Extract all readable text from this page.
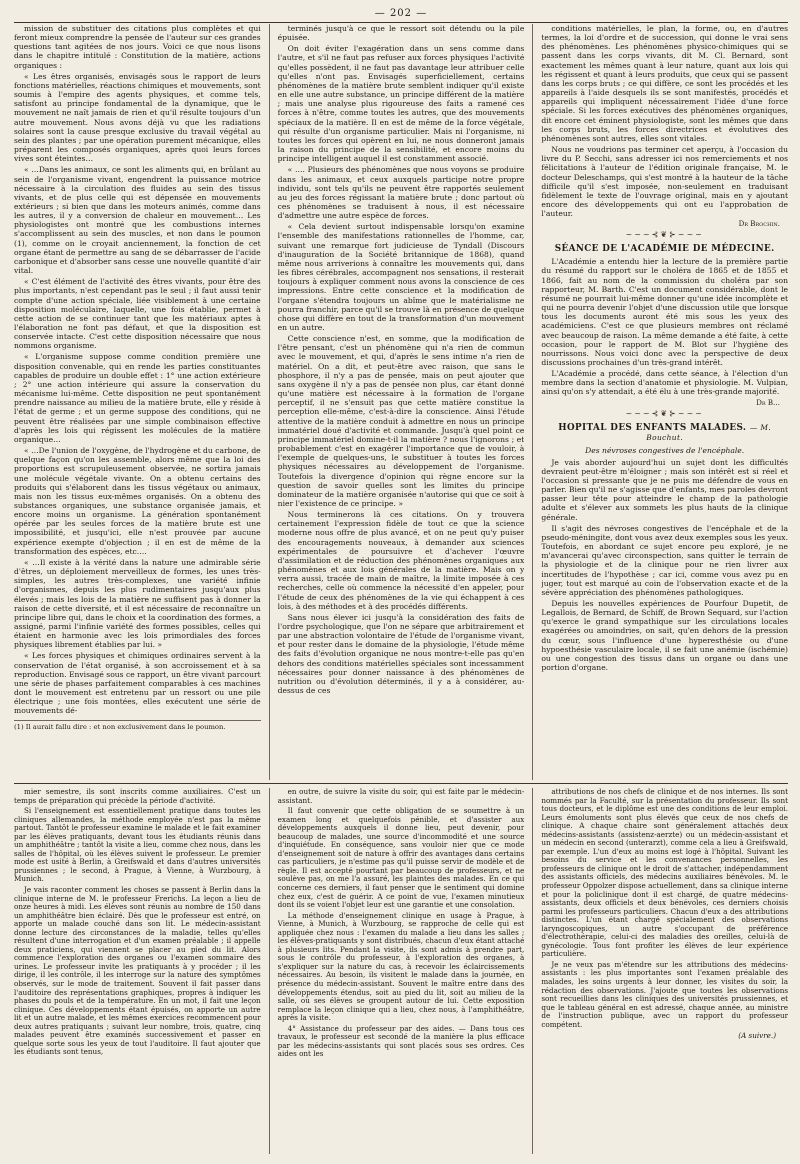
— 202 —

mission de substituer des citations plus complètes et qui feront mieux comprendre la pensée de l'auteur sur ces grandes questions tant agitées de nos jours. Voici ce que nous lisons dans le chapitre intitulé : Constitution de la matière, actions organiques :

« Les êtres organisés, envisagés sous le rapport de leurs fonctions matérielles, réactions chimiques et mouvements, sont soumis à l'empire des agents physiques, et comme tels, satisfont au principe fondamental de la dynamique, que le mouvement ne naît jamais de rien et qu'il résulte toujours d'un autre mouvement. Nous avons déjà vu que les radiations solaires sont la cause presque exclusive du travail végétal au sein des plantes ; par une opération purement mécanique, elles préparent les composés organiques, après quoi leurs forces vives sont éteintes…

« …Dans les animaux, ce sont les aliments qui, en brûlant au sein de l'organisme vivant, engendrent la puissance motrice nécessaire à la circulation des fluides au sein des tissus vivants, et de plus celle qui est dépensée en mouvements extérieurs ; si bien que dans les moteurs animés, comme dans les autres, il y a conversion de chaleur en mouvement… Les physiologistes ont montré que les combustions internes s'accomplissent au sein des muscles, et non dans le poumon (1), comme on le croyait anciennement, la fonction de cet organe étant de permettre au sang de se débarrasser de l'acide carbonique et d'absorber sans cesse une nouvelle quantité d'air vital.

« C'est élément de l'activité des êtres vivants, pour être des plus importants, n'est cependant pas le seul ; il faut aussi tenir compte d'une action spéciale, liée visiblement à une certaine disposition moléculaire, laquelle, une fois établie, permet à cette action de se continuer tant que les matériaux aptes à l'élaboration ne font pas défaut, et que la disposition est conservée intacte. C'est cette disposition nécessaire que nous nommons organisme.

« L'organisme suppose comme condition première une disposition convenable, qui en rende les parties constituantes capables de produire un double effet : 1° une action extérieure ; 2° une action intérieure qui assure la conservation du mécanisme lui-même. Cette disposition ne peut spontanément prendre naissance au milieu de la matière brute, elle y réside à l'état de germe ; et un germe suppose des conditions, qui ne peuvent être réalisées par une simple combinaison effective d'après les lois qui régissent les molécules de la matière organique…

« …De l'union de l'oxygène, de l'hydrogène et du carbone, de quelque façon qu'on les assemble, alors même que la loi des proportions est scrupuleusement observée, ne sortira jamais une molécule végétale vivante. On a obtenu certains des produits qui s'élaborent dans les tissus végétaux ou animaux, mais non les tissus eux-mêmes organisés. On a obtenu des substances organiques, une substance organisée jamais, et encore moins un organisme. La génération spontanément opérée par les seules forces de la matière brute est une impossibilité, et jusqu'ici, elle n'est prouvée par aucune expérience exempte d'objection ; il en est de même de la transformation des espèces, etc.…

« …Il existe à la vérité dans la nature une admirable série d'êtres, un déploiement merveilleux de formes, les unes très-simples, les autres très-complexes, une variété infinie d'organismes, depuis les plus rudimentaires jusqu'aux plus élevés ; mais les lois de la matière ne suffisent pas à donner la raison de cette diversité, et il est nécessaire de reconnaître un principe libre qui, dans le choix et la coordination des formes, a assigné, parmi l'infinie variété des formes possibles, celles qui étaient en harmonie avec les lois primordiales des forces physiques librement établies par lui. »

« Les forces physiques et chimiques ordinaires servent à la conservation de l'état organisé, à son accroissement et à sa reproduction. Envisagé sous ce rapport, un être vivant parcourt une série de phases parfaitement comparables à ces machines dont le mouvement est entretenu par un ressort ou une pile électrique ; une fois montées, elles exécutent une série de mouvements dé-

(1) Il aurait fallu dire : et non exclusivement dans le poumon.

terminés jusqu'à ce que le ressort soit détendu ou la pile épuisée.

On doit éviter l'exagération dans un sens comme dans l'autre, et s'il ne faut pas refuser aux forces physiques l'activité qu'elles possèdent, il ne faut pas davantage leur attribuer celle qu'elles n'ont pas. Envisagés superficiellement, certains phénomènes de la matière brute semblent indiquer qu'il existe en elle une autre substance, un principe différent de la matière ; mais une analyse plus rigoureuse des faits a ramené ces forces à n'être, comme toutes les autres, que des mouvements spéciaux de la matière. Il en est de même de la force végétale, qui résulte d'un organisme particulier. Mais ni l'organisme, ni toutes les forces qui opèrent en lui, ne nous donneront jamais la raison du principe de la sensibilité, et encore moins du principe intelligent auquel il est constamment associé.

« …. Plusieurs des phénomènes que nous voyons se produire dans les animaux, et ceux auxquels participe notre propre individu, sont tels qu'ils ne peuvent être rapportés seulement au jeu des forces régissant la matière brute ; donc partout où ces phénomènes se traduisent à nous, il est nécessaire d'admettre une autre espèce de forces.

« Cela devient surtout indispensable lorsqu'on examine l'ensemble des manifestations rationnelles de l'homme, car, suivant une remarque fort judicieuse de Tyndall (Discours d'inauguration de la Société britannique de 1868), quand même nous arriverions à connaître les mouvements qui, dans les fibres cérébrales, accompagnent nos sensations, il resterait toujours à expliquer comment nous avons la conscience de ces impressions. Entre cette conscience et la modification de l'organe s'étendra toujours un abîme que le matérialisme ne pourra franchir, parce qu'il se trouve là en présence de quelque chose qui diffère en tout de la transformation d'un mouvement en un autre.

Cette conscience n'est, en somme, que la modification de l'être pensant, c'est un phénomène qui n'a rien de commun avec le mouvement, et qui, d'après le sens intime n'a rien de matériel. On a dit, et peut-être avec raison, que sans le phosphore, il n'y a pas de pensée, mais on peut ajouter que sans oxygène il n'y a pas de pensée non plus, car étant donné qu'une matière est nécessaire à la formation de l'organe perceptif, il ne s'ensuit pas que cette matière constitue la perception elle-même, c'est-à-dire la conscience. Ainsi l'étude attentive de la matière conduit à admettre en nous un principe immatériel doué d'activité et commande. Jusqu'à quel point ce principe immatériel domine-t-il la matière ? nous l'ignorons ; et probablement c'est en exagérer l'importance que de vouloir, à l'exemple de quelques-uns, le substituer à toutes les forces physiques nécessaires au développement de l'organisme. Toutefois la divergence d'opinion qui règne encore sur la question de savoir quelles sont les limites du principe dominateur de la matière organisée n'autorise qui que ce soit à nier l'existence de ce principe. »

Nous terminerons là ces citations. On y trouvera certainement l'expression fidèle de tout ce que la science moderne nous offre de plus avancé, et on ne peut qu'y puiser des encouragements nouveaux, à demander aux sciences expérimentales de poursuivre et d'achever l'œuvre d'assimilation et de réduction des phénomènes organiques aux phénomènes et aux lois générales de la matière. Mais on y verra aussi, tracée de main de maître, la limite imposée à ces recherches, celle où commence la nécessité d'en appeler, pour l'étude de ceux des phénomènes de la vie qui échappent à ces lois, à des méthodes et à des procédés différents.

Sans nous élever ici jusqu'à la considération des faits de l'ordre psychologique, que l'on ne sépare que arbitrairement et par une abstraction volontaire de l'étude de l'organisme vivant, et pour rester dans le domaine de la physiologie, l'étude même des faits d'évolution organique ne nous montre-t-elle pas qu'en dehors des conditions matérielles spéciales sont incessamment nécessaires pour donner naissance à des phénomènes de nutrition ou d'évolution déterminés, il y a à considérer, au-dessus de ces

conditions matérielles, le plan, la forme, ou, en d'autres termes, la loi d'ordre et de succession, qui donne le vrai sens des phénomènes. Les phénomènes physico-chimiques qui se passent dans les corps vivants, dit M. Cl. Bernard, sont exactement les mêmes quant à leur nature, quant aux lois qui les régissent et quant à leurs produits, que ceux qui se passent dans les corps bruts ; ce qui diffère, ce sont les procédés et les appareils à l'aide desquels ils se sont manifestés, procédés et appareils qui impliquent nécessairement l'idée d'une force spéciale. Si les forces exécutives des phénomènes organiques, dit encore cet éminent physiologiste, sont les mêmes que dans les corps bruts, les forces directrices et évolutives des phénomènes sont autres, elles sont vitales.

Nous ne voudrions pas terminer cet aperçu, à l'occasion du livre du P. Secchi, sans adresser ici nos remerciements et nos félicitations à l'auteur de l'édition originale française, M. le docteur Deleschamps, qui s'est montré à la hauteur de la tâche difficile qu'il s'est imposée, non-seulement en traduisant fidèlement le texte de l'ouvrage original, mais en y ajoutant encore des développements qui ont eu l'approbation de l'auteur.

Dr Brochin.
~~~⊰❦⊱~~~
SÉANCE DE L'ACADÉMIE DE MÉDECINE.

L'Académie a entendu hier la lecture de la première partie du résumé du rapport sur le choléra de 1865 et de 1855 et 1866, fait au nom de la commission du choléra par son rapporteur, M. Barth. C'est un document considérable, dont le résumé ne pourrait lui-même donner qu'une idée incomplète et qui ne pourra devenir l'objet d'une discussion utile que lorsque tous les documents auront été mis sous les yeux des académiciens. C'est ce que plusieurs membres ont réclamé avec beaucoup de raison. La même demande a été faite, à cette occasion, pour le rapport de M. Blot sur l'hygiène des nourrissons. Nous voici donc avec la perspective de deux discussions prochaines d'un très-grand intérêt.

L'Académie a procédé, dans cette séance, à l'élection d'un membre dans la section d'anatomie et physiologie. M. Vulpian, ainsi qu'on s'y attendait, a été élu à une très-grande majorité.

Dr B…
~~~⊰❦⊱~~~
HOPITAL DES ENFANTS MALADES. — M. Bouchut.
Des névroses congestives de l'encéphale.

Je vais aborder aujourd'hui un sujet dont les difficultés devraient peut-être m'éloigner ; mais son intérêt est si réel et l'occasion si pressante que je ne puis me défendre de vous en parler. Bien qu'il ne s'agisse que d'enfants, mes paroles devront passer leur tête pour atteindre le champ de la pathologie adulte et s'élever aux sommets les plus hauts de la clinique générale.

Il s'agit des névroses congestives de l'encéphale et de la pseudo-méningite, dont vous avez deux exemples sous les yeux. Toutefois, en abordant ce sujet encore peu exploré, je ne m'avancerai qu'avec circonspection, sans quitter le terrain de la physiologie et de la clinique pour ne rien livrer aux incertitudes de l'hypothèse ; car ici, comme vous avez pu en juger, tout est marqué au coin de l'observation exacte et de la sévère appréciation des phénomènes pathologiques.

Depuis les nouvelles expériences de Pourfour Dupetit, de Legallois, de Bernard, de Schiff, de Brown Sequard, sur l'action qu'exerce le grand sympathique sur les circulations locales exagérées ou amoindries, on sait, qu'en dehors de la pression du cœur, sous l'influence d'une hyperesthésie ou d'une hypoesthésie vasculaire locale, il se fait une anémie (ischémie) ou une congestion des tissus dans un organe ou dans une portion d'organe.

mier semestre, ils sont inscrits comme auxiliaires. C'est un temps de préparation qui précède la période d'activité.

Si l'enseignement est essentiellement pratique dans toutes les cliniques allemandes, la méthode employée n'est pas la même partout. Tantôt le professeur examine le malade et le fait examiner par les élèves pratiquants, devant tous les étudiants réunis dans un amphithéâtre ; tantôt la visite a lieu, comme chez nous, dans les salles de l'hôpital, où les élèves suivent le professeur. Le premier mode est usité à Berlin, à Greifswald et dans d'autres universités prussiennes ; le second, à Prague, à Vienne, à Wurzbourg, à Munich.

Je vais raconter comment les choses se passent à Berlin dans la clinique interne de M. le professeur Frerichs. La leçon a lieu de onze heures à midi. Les élèves sont réunis au nombre de 150 dans un amphithéâtre bien éclairé. Dès que le professeur est entré, on apporte un malade couché dans son lit. Le médecin-assistant donne lecture des circonstances de la maladie, telles qu'elles résultent d'une interrogation et d'un examen préalable ; il appelle deux praticiens, qui viennent se placer au pied du lit. Alors commence l'exploration des organes ou l'examen sommaire des urines. Le professeur invite les pratiquants à y procéder ; il les dirige, il les contrôle, il les interroge sur la nature des symptômes observés, sur le mode de traitement. Souvent il fait passer dans l'auditoire des représentations graphiques, propres à indiquer les phases du pouls et de la température. En un mot, il fait une leçon clinique. Ces développements étant épuisés, on apporte un autre lit et un autre malade, et les mêmes exercices recommencent pour deux autres pratiquants ; suivant leur nombre, trois, quatre, cinq malades peuvent être examinés successivement et passer en quelque sorte sous les yeux de tout l'auditoire. Il faut ajouter que les étudiants sont tenus,

en outre, de suivre la visite du soir, qui est faite par le médecin-assistant.

Il faut convenir que cette obligation de se soumettre à un examen long et quelquefois pénible, et d'assister aux développements auxquels il donne lieu, peut devenir, pour beaucoup de malades, une source d'incommodité et une source d'inquiétude. En conséquence, sans vouloir nier que ce mode d'enseignement soit de nature à offrir des avantages dans certains cas particuliers, je n'estime pas qu'il puisse servir de modèle et de règle. Il est accepté pourtant par beaucoup de professeurs, et ne soulève pas, on me l'a assuré, les plaintes des malades. En ce qui concerne ces derniers, il faut penser que le sentiment qui domine chez eux, c'est de guérir. A ce point de vue, l'examen minutieux dont ils se voient l'objet leur est une garantie et une consolation.

La méthode d'enseignement clinique en usage à Prague, à Vienne, à Munich, à Wurzbourg, se rapproche de celle qui est appliquée chez nous : l'examen du malade a lieu dans les salles ; les élèves-pratiquants y sont distribués, chacun d'eux étant attaché à plusieurs lits. Pendant la visite, ils sont admis à prendre part, sous le contrôle du professeur, à l'exploration des organes, à s'expliquer sur la nature du cas, à recevoir les éclaircissements nécessaires. Au besoin, ils visitent le malade dans la journée, en présence du médecin-assistant. Souvent le maître entre dans des développements étendus, soit au pied du lit, soit au milieu de la salle, où ses élèves se groupent autour de lui. Cette exposition remplace la leçon clinique qui a lieu, chez nous, à l'amphithéâtre, après la visite.

4° Assistance du professeur par des aides. — Dans tous ces travaux, le professeur est secondé de la manière la plus efficace par les médecins-assistants qui sont placés sous ses ordres. Ces aides ont les

attributions de nos chefs de clinique et de nos internes. Ils sont nommés par la Faculté, sur la présentation du professeur. Ils sont tous docteurs, et le diplôme est une des conditions de leur emploi. Leurs émoluments sont plus élevés que ceux de nos chefs de clinique. A chaque chaire sont généralement attachés deux médecins-assistants (assistenz-aerzte) ou un médecin-assistant et un médecin en second (unterarzt), comme cela a lieu à Greifswald, par exemple. L'un d'eux au moins est logé à l'hôpital. Suivant les besoins du service et les convenances personnelles, les professeurs de clinique ont le droit de s'attacher, indépendamment des assistants officiels, des médecins auxiliaires bénévoles. M. le professeur Oppolzer dispose actuellement, dans sa clinique interne et pour la policlinique dont il est chargé, de quatre médecins-assistants, deux officiels et deux bénévoles, ces derniers choisis parmi les professeurs particuliers. Chacun d'eux a des attributions distinctes. L'un étant chargé spécialement des observations laryngoscopiques, un autre s'occupant de préférence d'électrothérapie, celui-ci des maladies des oreilles, celui-là de gynécologie. Tous font profiter les élèves de leur expérience particulière.

Je ne veux pas m'étendre sur les attributions des médecins-assistants : les plus importantes sont l'examen préalable des malades, les soins urgents à leur donner, les visites du soir, la rédaction des observations. J'ajoute que toutes les observations sont recueillies dans les cliniques des universités prussiennes, et que le tableau général en est adressé, chaque année, au ministre de l'instruction publique, avec un rapport du professeur compétent.

(A suivre.)
